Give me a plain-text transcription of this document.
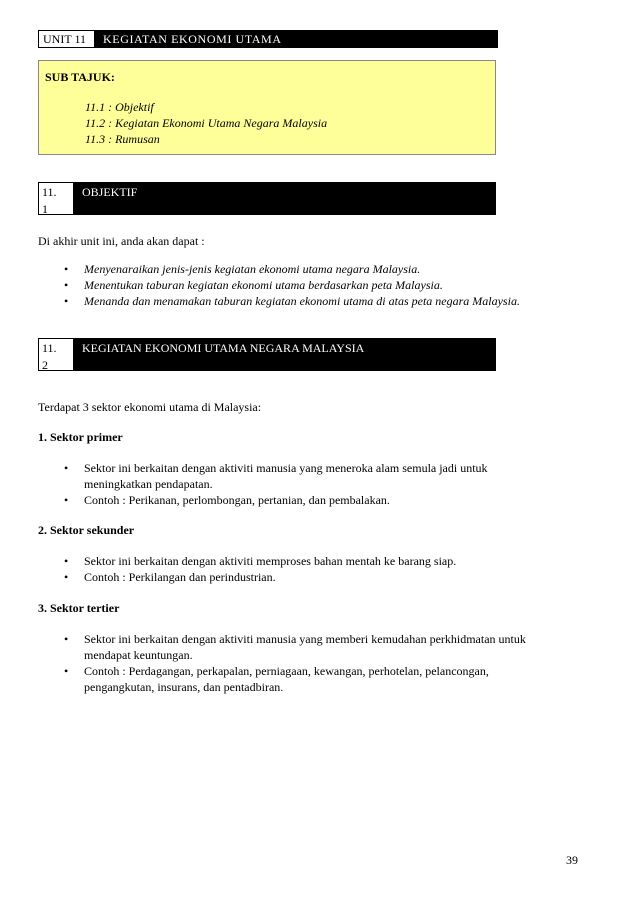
UNIT 11	KEGIATAN EKONOMI UTAMA
SUB TAJUK:
11.1 : Objektif
11.2 : Kegiatan Ekonomi Utama Negara Malaysia
11.3 : Rumusan
11.
1
OBJEKTIF
Di akhir unit ini, anda akan dapat :
• Menyenaraikan jenis-jenis kegiatan ekonomi utama negara Malaysia.
• Menentukan taburan kegiatan ekonomi utama berdasarkan peta Malaysia.
• Menanda dan menamakan taburan kegiatan ekonomi utama di atas peta negara Malaysia.
11.
2
KEGIATAN EKONOMI UTAMA NEGARA MALAYSIA
Terdapat 3 sektor ekonomi utama di Malaysia:
1. Sektor primer
• Sektor ini berkaitan dengan aktiviti manusia yang meneroka alam semula jadi untuk
meningkatkan pendapatan.
• Contoh : Perikanan, perlombongan, pertanian, dan pembalakan.
2. Sektor sekunder
• Sektor ini berkaitan dengan aktiviti memproses bahan mentah ke barang siap.
• Contoh : Perkilangan dan perindustrian.
3. Sektor tertier
• Sektor ini berkaitan dengan aktiviti manusia yang memberi kemudahan perkhidmatan untuk
mendapat keuntungan.
• Contoh : Perdagangan, perkapalan, perniagaan, kewangan, perhotelan, pelancongan,
pengangkutan, insurans, dan pentadbiran.
39
